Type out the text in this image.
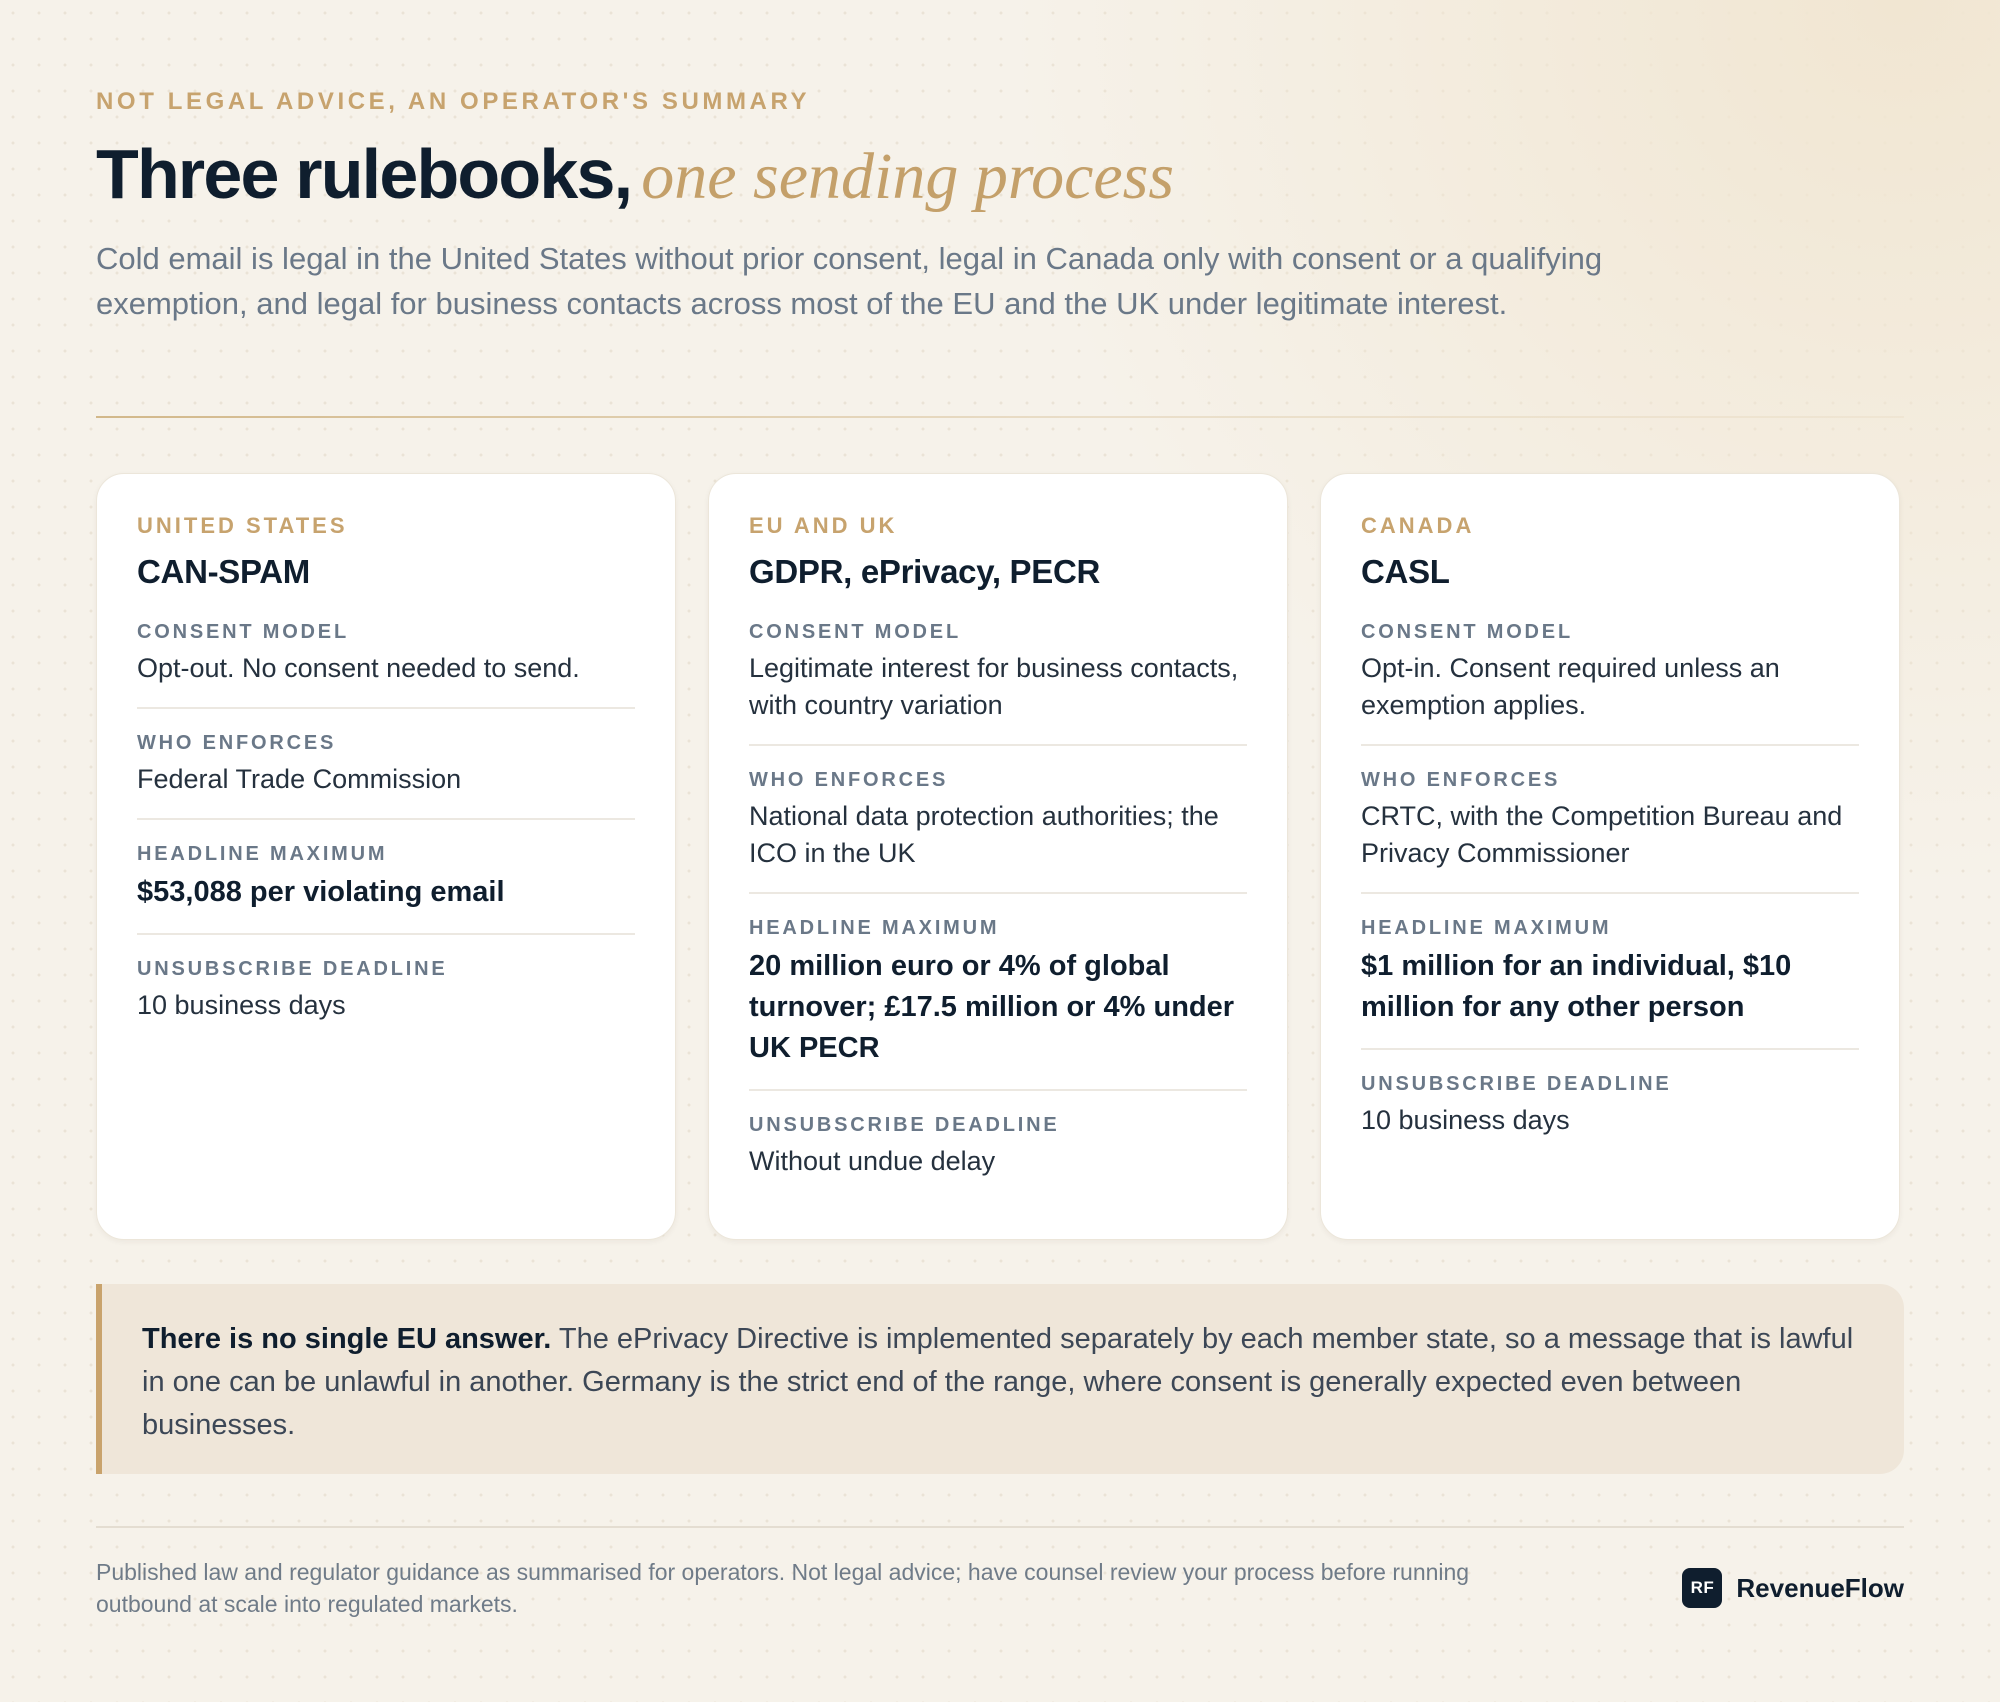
NOT LEGAL ADVICE, AN OPERATOR'S SUMMARY
Three rulebooks, one sending process
Cold email is legal in the United States without prior consent, legal in Canada only with consent or a qualifying exemption, and legal for business contacts across most of the EU and the UK under legitimate interest.
UNITED STATES
CAN-SPAM
CONSENT MODEL
Opt-out. No consent needed to send.
WHO ENFORCES
Federal Trade Commission
HEADLINE MAXIMUM
$53,088 per violating email
UNSUBSCRIBE DEADLINE
10 business days
EU AND UK
GDPR, ePrivacy, PECR
CONSENT MODEL
Legitimate interest for business contacts, with country variation
WHO ENFORCES
National data protection authorities; the ICO in the UK
HEADLINE MAXIMUM
20 million euro or 4% of global turnover; £17.5 million or 4% under UK PECR
UNSUBSCRIBE DEADLINE
Without undue delay
CANADA
CASL
CONSENT MODEL
Opt-in. Consent required unless an exemption applies.
WHO ENFORCES
CRTC, with the Competition Bureau and Privacy Commissioner
HEADLINE MAXIMUM
$1 million for an individual, $10 million for any other person
UNSUBSCRIBE DEADLINE
10 business days
There is no single EU answer. The ePrivacy Directive is implemented separately by each member state, so a message that is lawful in one can be unlawful in another. Germany is the strict end of the range, where consent is generally expected even between businesses.
Published law and regulator guidance as summarised for operators. Not legal advice; have counsel review your process before running outbound at scale into regulated markets.
RF RevenueFlow
